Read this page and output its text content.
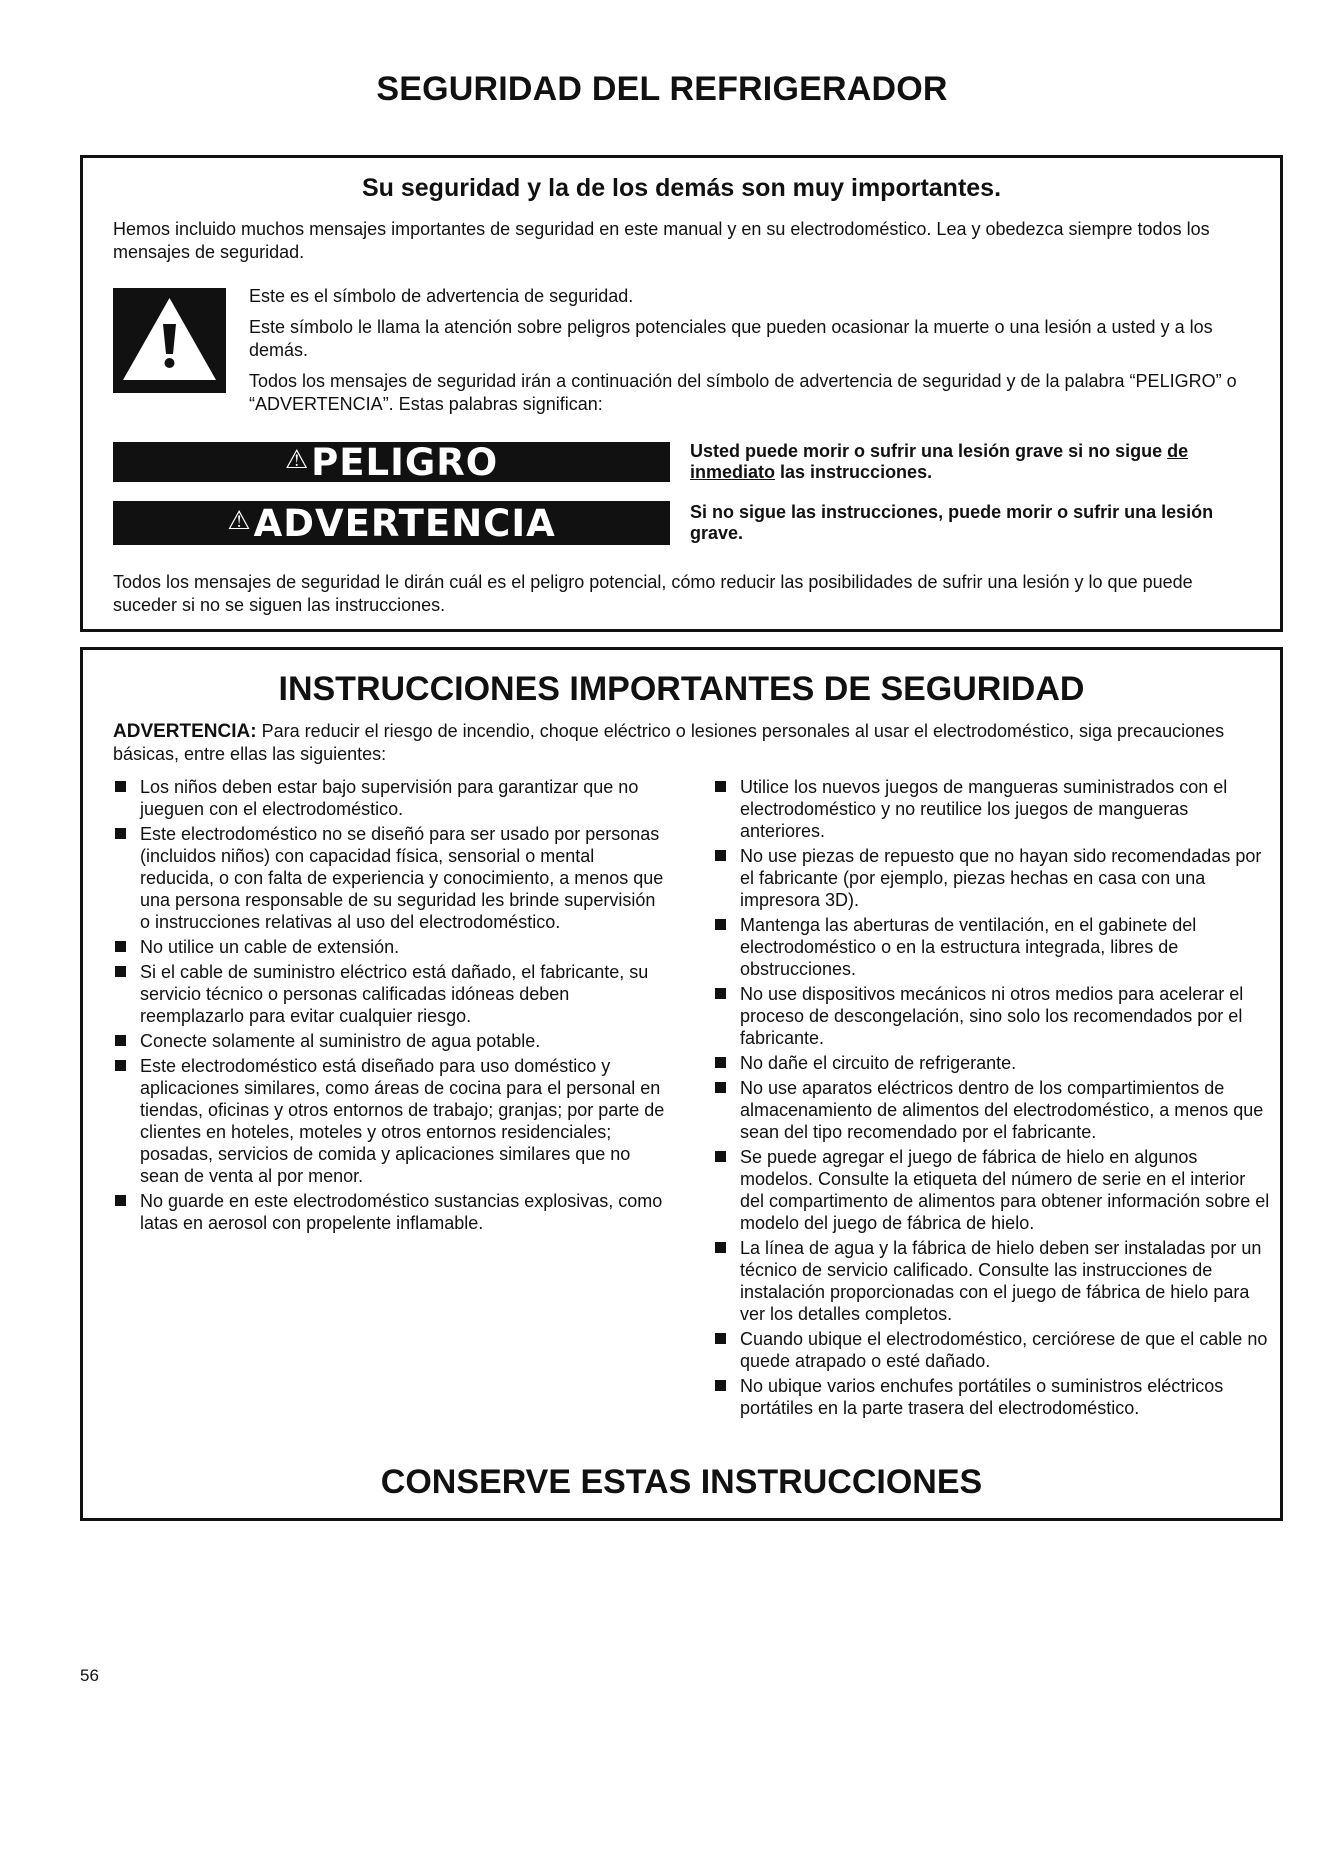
SEGURIDAD DEL REFRIGERADOR
Su seguridad y la de los demás son muy importantes.
Hemos incluido muchos mensajes importantes de seguridad en este manual y en su electrodoméstico. Lea y obedezca siempre todos los mensajes de seguridad.

Este es el símbolo de advertencia de seguridad.

Este símbolo le llama la atención sobre peligros potenciales que pueden ocasionar la muerte o una lesión a usted y a los demás.

Todos los mensajes de seguridad irán a continuación del símbolo de advertencia de seguridad y de la palabra “PELIGRO” o “ADVERTENCIA”. Estas palabras significan:

⚠ PELIGRO	Usted puede morir o sufrir una lesión grave si no sigue de inmediato las instrucciones.
⚠ ADVERTENCIA	Si no sigue las instrucciones, puede morir o sufrir una lesión grave.
Todos los mensajes de seguridad le dirán cuál es el peligro potencial, cómo reducir las posibilidades de sufrir una lesión y lo que puede suceder si no se siguen las instrucciones.
INSTRUCCIONES IMPORTANTES DE SEGURIDAD
ADVERTENCIA: Para reducir el riesgo de incendio, choque eléctrico o lesiones personales al usar el electrodoméstico, siga precauciones básicas, entre ellas las siguientes:
Los niños deben estar bajo supervisión para garantizar que no jueguen con el electrodoméstico.
Este electrodoméstico no se diseñó para ser usado por personas (incluidos niños) con capacidad física, sensorial o mental reducida, o con falta de experiencia y conocimiento, a menos que una persona responsable de su seguridad les brinde supervisión o instrucciones relativas al uso del electrodoméstico.
No utilice un cable de extensión.
Si el cable de suministro eléctrico está dañado, el fabricante, su servicio técnico o personas calificadas idóneas deben reemplazarlo para evitar cualquier riesgo.
Conecte solamente al suministro de agua potable.
Este electrodoméstico está diseñado para uso doméstico y aplicaciones similares, como áreas de cocina para el personal en tiendas, oficinas y otros entornos de trabajo; granjas; por parte de clientes en hoteles, moteles y otros entornos residenciales; posadas, servicios de comida y aplicaciones similares que no sean de venta al por menor.
No guarde en este electrodoméstico sustancias explosivas, como latas en aerosol con propelente inflamable.
Utilice los nuevos juegos de mangueras suministrados con el electrodoméstico y no reutilice los juegos de mangueras anteriores.
No use piezas de repuesto que no hayan sido recomendadas por el fabricante (por ejemplo, piezas hechas en casa con una impresora 3D).
Mantenga las aberturas de ventilación, en el gabinete del electrodoméstico o en la estructura integrada, libres de obstrucciones.
No use dispositivos mecánicos ni otros medios para acelerar el proceso de descongelación, sino solo los recomendados por el fabricante.
No dañe el circuito de refrigerante.
No use aparatos eléctricos dentro de los compartimientos de almacenamiento de alimentos del electrodoméstico, a menos que sean del tipo recomendado por el fabricante.
Se puede agregar el juego de fábrica de hielo en algunos modelos. Consulte la etiqueta del número de serie en el interior del compartimento de alimentos para obtener información sobre el modelo del juego de fábrica de hielo.
La línea de agua y la fábrica de hielo deben ser instaladas por un técnico de servicio calificado. Consulte las instrucciones de instalación proporcionadas con el juego de fábrica de hielo para ver los detalles completos.
Cuando ubique el electrodoméstico, cerciórese de que el cable no quede atrapado o esté dañado.
No ubique varios enchufes portátiles o suministros eléctricos portátiles en la parte trasera del electrodoméstico.
CONSERVE ESTAS INSTRUCCIONES
56
